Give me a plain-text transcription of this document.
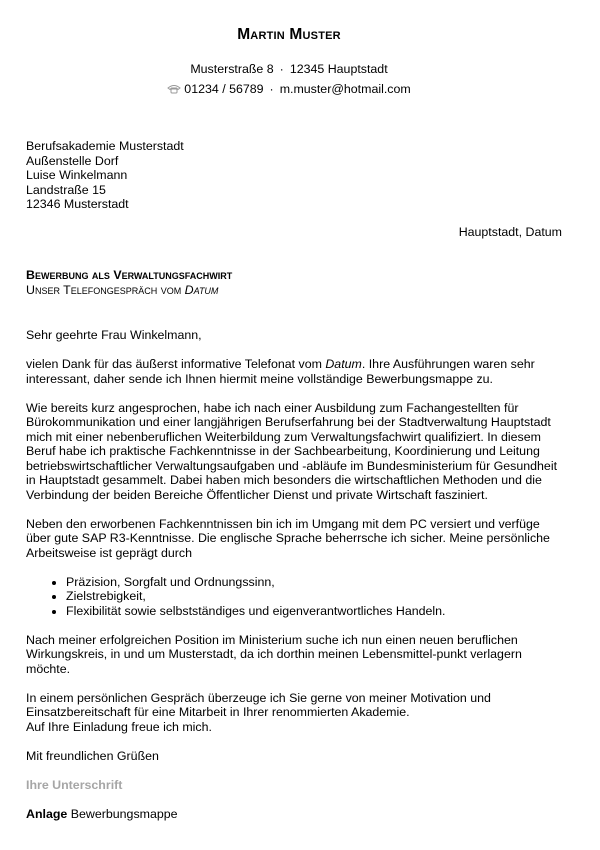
Martin Muster
Musterstraße 8 · 12345 Hauptstadt
01234 / 56789 · m.muster@hotmail.com
Berufsakademie Musterstadt
Außenstelle Dorf
Luise Winkelmann
Landstraße 15
12346 Musterstadt
Hauptstadt, Datum
Bewerbung als Verwaltungsfachwirt
Unser Telefongespräch vom Datum

Sehr geehrte Frau Winkelmann,

vielen Dank für das äußerst informative Telefonat vom Datum. Ihre Ausführungen waren sehr interessant, daher sende ich Ihnen hiermit meine vollständige Bewerbungsmappe zu.

Wie bereits kurz angesprochen, habe ich nach einer Ausbildung zum Fachangestellten für Bürokommunikation und einer langjährigen Berufserfahrung bei der Stadtverwaltung Hauptstadt mich mit einer nebenberuflichen Weiterbildung zum Verwaltungsfachwirt qualifiziert. In diesem Beruf habe ich praktische Fachkenntnisse in der Sachbearbeitung, Koordinierung und Leitung betriebswirtschaftlicher Verwaltungsaufgaben und -abläufe im Bundesministerium für Gesundheit in Hauptstadt gesammelt. Dabei haben mich besonders die wirtschaftlichen Methoden und die Verbindung der beiden Bereiche Öffentlicher Dienst und private Wirtschaft fasziniert.

Neben den erworbenen Fachkenntnissen bin ich im Umgang mit dem PC versiert und verfüge über gute SAP R3-Kenntnisse. Die englische Sprache beherrsche ich sicher. Meine persönliche Arbeitsweise ist geprägt durch

• Präzision, Sorgfalt und Ordnungssinn,
• Zielstrebigkeit,
• Flexibilität sowie selbstständiges und eigenverantwortliches Handeln.

Nach meiner erfolgreichen Position im Ministerium suche ich nun einen neuen beruflichen Wirkungskreis, in und um Musterstadt, da ich dorthin meinen Lebensmittel-punkt verlagern möchte.

In einem persönlichen Gespräch überzeuge ich Sie gerne von meiner Motivation und Einsatzbereitschaft für eine Mitarbeit in Ihrer renommierten Akademie.

Auf Ihre Einladung freue ich mich.

Mit freundlichen Grüßen

Ihre Unterschrift

Anlage Bewerbungsmappe
